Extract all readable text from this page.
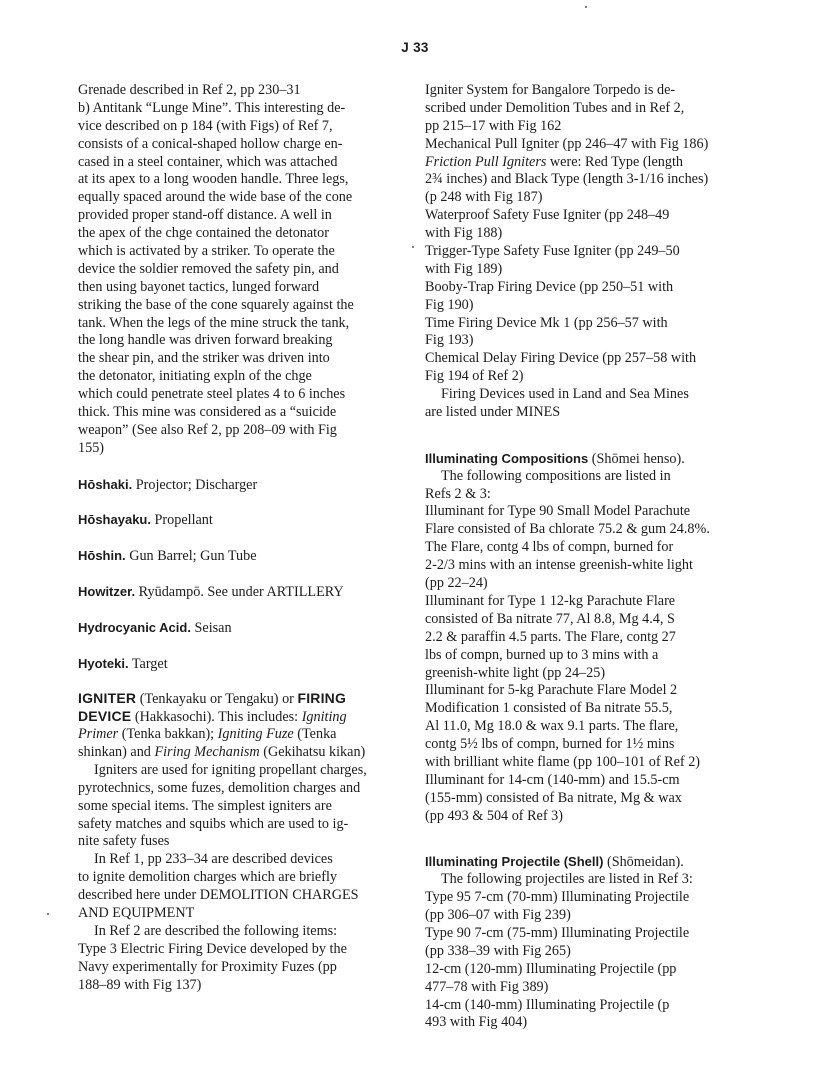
J 33
Grenade described in Ref 2, pp 230–31
b) Antitank “Lunge Mine”. This interesting de-
vice described on p 184 (with Figs) of Ref 7,
consists of a conical-shaped hollow charge en-
cased in a steel container, which was attached
at its apex to a long wooden handle. Three legs,
equally spaced around the wide base of the cone
provided proper stand-off distance. A well in
the apex of the chge contained the detonator
which is activated by a striker. To operate the
device the soldier removed the safety pin, and
then using bayonet tactics, lunged forward
striking the base of the cone squarely against the
tank. When the legs of the mine struck the tank,
the long handle was driven forward breaking
the shear pin, and the striker was driven into
the detonator, initiating expln of the chge
which could penetrate steel plates 4 to 6 inches
thick. This mine was considered as a “suicide
weapon” (See also Ref 2, pp 208–09 with Fig
155)
Hōshaki. Projector; Discharger
Hōshayaku. Propellant
Hōshin. Gun Barrel; Gun Tube
Howitzer. Ryūdampō. See under ARTILLERY
Hydrocyanic Acid. Seisan
Hyoteki. Target
IGNITER (Tenkayaku or Tengaku) or FIRING
DEVICE (Hakkasochi). This includes: Igniting
Primer (Tenka bakkan); Igniting Fuze (Tenka
shinkan) and Firing Mechanism (Gekihatsu kikan)
Igniters are used for igniting propellant charges,
pyrotechnics, some fuzes, demolition charges and
some special items. The simplest igniters are
safety matches and squibs which are used to ig-
nite safety fuses
In Ref 1, pp 233–34 are described devices
to ignite demolition charges which are briefly
described here under DEMOLITION CHARGES
AND EQUIPMENT
In Ref 2 are described the following items:
Type 3 Electric Firing Device developed by the
Navy experimentally for Proximity Fuzes (pp
188–89 with Fig 137)
Igniter System for Bangalore Torpedo is de-
scribed under Demolition Tubes and in Ref 2,
pp 215–17 with Fig 162
Mechanical Pull Igniter (pp 246–47 with Fig 186)
Friction Pull Igniters were: Red Type (length
2¾ inches) and Black Type (length 3-1/16 inches)
(p 248 with Fig 187)
Waterproof Safety Fuse Igniter (pp 248–49
with Fig 188)
Trigger-Type Safety Fuse Igniter (pp 249–50
with Fig 189)
Booby-Trap Firing Device (pp 250–51 with
Fig 190)
Time Firing Device Mk 1 (pp 256–57 with
Fig 193)
Chemical Delay Firing Device (pp 257–58 with
Fig 194 of Ref 2)
Firing Devices used in Land and Sea Mines
are listed under MINES
Illuminating Compositions (Shōmei henso).
The following compositions are listed in
Refs 2 & 3:
Illuminant for Type 90 Small Model Parachute
Flare consisted of Ba chlorate 75.2 & gum 24.8%.
The Flare, contg 4 lbs of compn, burned for
2-2/3 mins with an intense greenish-white light
(pp 22–24)
Illuminant for Type 1 12-kg Parachute Flare
consisted of Ba nitrate 77, Al 8.8, Mg 4.4, S
2.2 & paraffin 4.5 parts. The Flare, contg 27
lbs of compn, burned up to 3 mins with a
greenish-white light (pp 24–25)
Illuminant for 5-kg Parachute Flare Model 2
Modification 1 consisted of Ba nitrate 55.5,
Al 11.0, Mg 18.0 & wax 9.1 parts. The flare,
contg 5½ lbs of compn, burned for 1½ mins
with brilliant white flame (pp 100–101 of Ref 2)
Illuminant for 14-cm (140-mm) and 15.5-cm
(155-mm) consisted of Ba nitrate, Mg & wax
(pp 493 & 504 of Ref 3)
Illuminating Projectile (Shell) (Shōmeidan).
The following projectiles are listed in Ref 3:
Type 95 7-cm (70-mm) Illuminating Projectile
(pp 306–07 with Fig 239)
Type 90 7-cm (75-mm) Illuminating Projectile
(pp 338–39 with Fig 265)
12-cm (120-mm) Illuminating Projectile (pp
477–78 with Fig 389)
14-cm (140-mm) Illuminating Projectile (p
493 with Fig 404)
